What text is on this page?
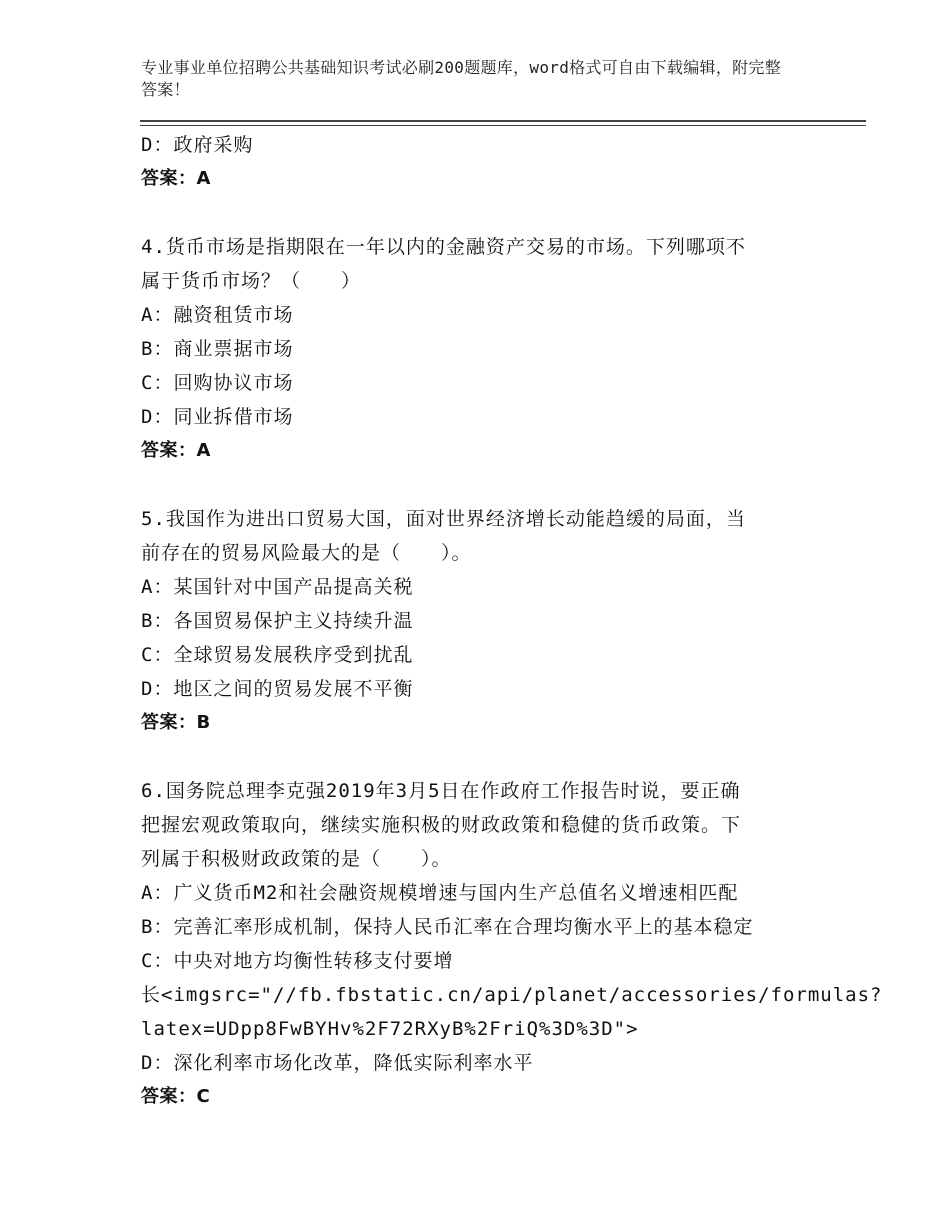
专业事业单位招聘公共基础知识考试必刷200题题库，word格式可自由下载编辑，附完整答案！
D：政府采购
答案：A
4.货币市场是指期限在一年以内的金融资产交易的市场。下列哪项不
属于货币市场？（　　）
A：融资租赁市场
B：商业票据市场
C：回购协议市场
D：同业拆借市场
答案：A
5.我国作为进出口贸易大国，面对世界经济增长动能趋缓的局面，当
前存在的贸易风险最大的是（　　）。
A：某国针对中国产品提高关税
B：各国贸易保护主义持续升温
C：全球贸易发展秩序受到扰乱
D：地区之间的贸易发展不平衡
答案：B
6.国务院总理李克强2019年3月5日在作政府工作报告时说，要正确
把握宏观政策取向，继续实施积极的财政政策和稳健的货币政策。下
列属于积极财政政策的是（　　）。
A：广义货币M2和社会融资规模增速与国内生产总值名义增速相匹配
B：完善汇率形成机制，保持人民币汇率在合理均衡水平上的基本稳定
C：中央对地方均衡性转移支付要增
长<imgsrc="//fb.fbstatic.cn/api/planet/accessories/formulas?
latex=UDpp8FwBYHv%2F72RXyB%2FriQ%3D%3D">
D：深化利率市场化改革，降低实际利率水平
答案：C
